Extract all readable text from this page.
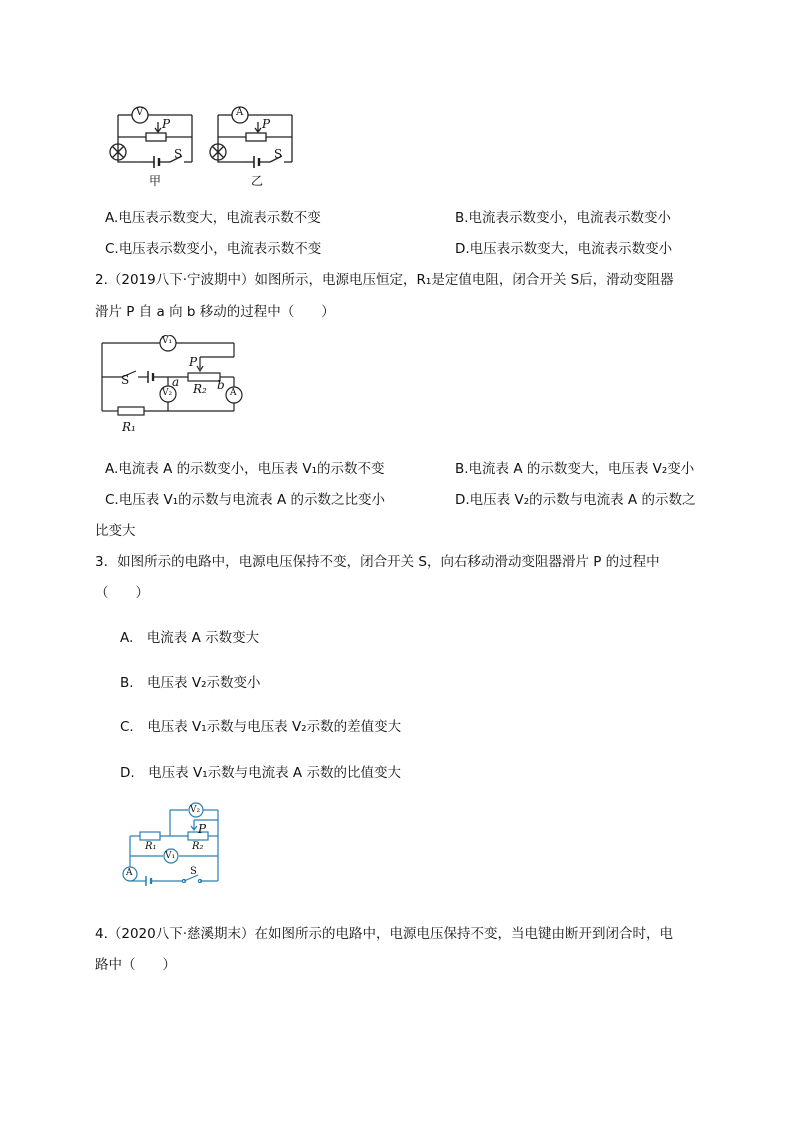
V	A
P	P
S	S
甲	乙
A.电压表示数变大，电流表示数不变	B.电流表示数变小，电流表示数变小
C.电压表示数变小，电流表示数不变	D.电压表示数变大，电流表示数变小
2.（2019八下·宁波期中）如图所示，电源电压恒定，R₁是定值电阻，闭合开关 S后，滑动变阻器
滑片 P 自 a 向 b 移动的过程中（　　）
V₁
P
S	a R₂ b
V₂	A
R₁
A.电流表 A 的示数变小，电压表 V₁的示数不变	B.电流表 A 的示数变大，电压表 V₂变小
C.电压表 V₁的示数与电流表 A 的示数之比变小	D.电压表 V₂的示数与电流表 A 的示数之
比变大
3．如图所示的电路中，电源电压保持不变，闭合开关 S，向右移动滑动变阻器滑片 P 的过程中
（　　）
A.　电流表 A 示数变大
B.　电压表 V₂示数变小
C.　电压表 V₁示数与电压表 V₂示数的差值变大
D.　电压表 V₁示数与电流表 A 示数的比值变大
V₂
P
R₁	R₂
V₁
A	S
4.（2020八下·慈溪期末）在如图所示的电路中，电源电压保持不变，当电键由断开到闭合时，电
路中（　　）
